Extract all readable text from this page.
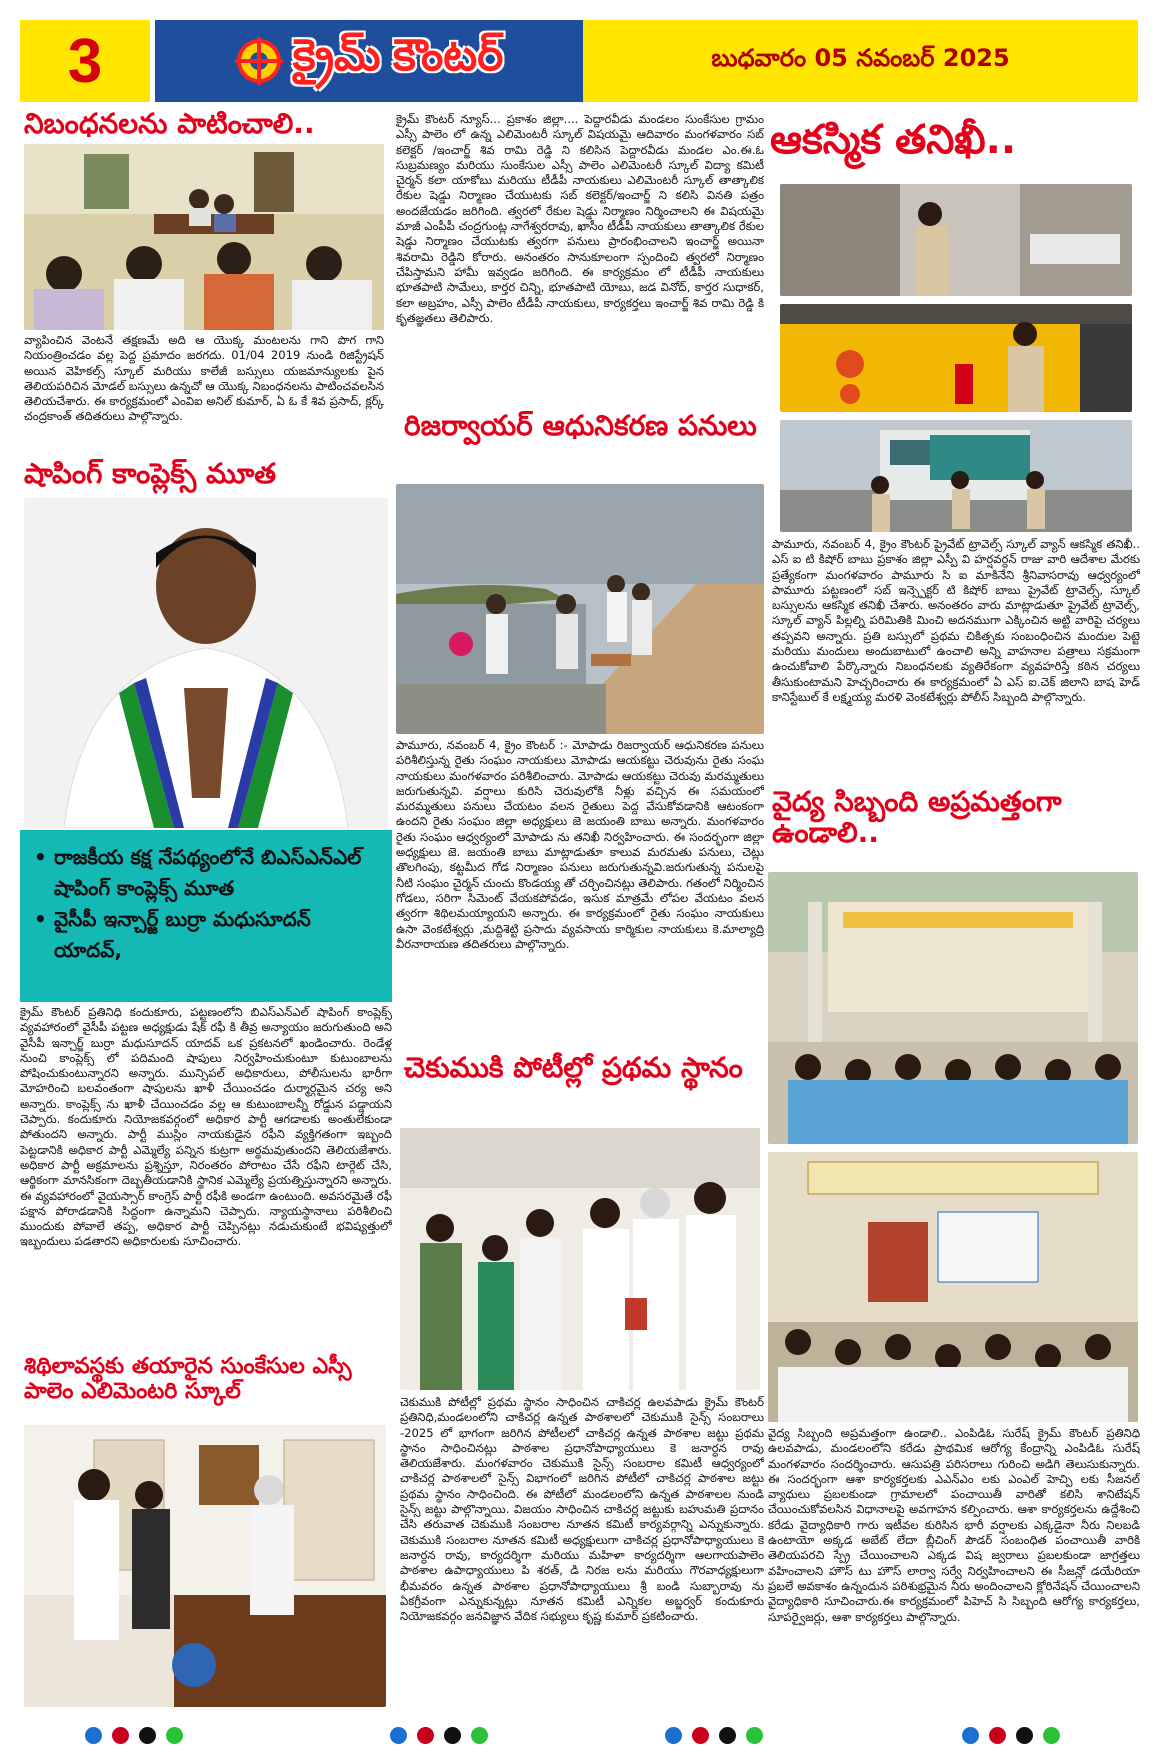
3	క్రైమ్ కౌంటర్	బుధవారం 05 నవంబర్ 2025
నిబంధనలను పాటించాలి..
వ్యాపించిన వెంటనే తక్షణమే అది ఆ యొక్క మంటలను గాని పొగ గాని నియంత్రించడం వల్ల పెద్ద ప్రమాదం జరగదు. 01/04 2019 నుండి రిజిస్ట్రేషన్ అయిన వెహికల్స్ స్కూల్ మరియు కాలేజీ బస్సులు యజమాన్యులకు పైన తెలియపరిచిన మోడల్ బస్సులు ఉన్నచో ఆ యొక్క నిబంధనలను పాటించవలసిన తెలియచేశారు. ఈ కార్యక్రమంలో ఎంవిఐ అనిల్ కుమార్, ఏ ఓ కే శివ ప్రసాద్, క్లర్క్ చంద్రకాంత్ తదితరులు పాల్గొన్నారు.
షాపింగ్ కాంప్లెక్స్ మూత
• రాజకీయ కక్ష నేపథ్యంలోనే బిఎస్ఎన్ఎల్ షాపింగ్ కాంప్లెక్స్ మూత
• వైసీపీ ఇన్చార్జ్ బుర్రా మధుసూదన్ యాదవ్,
క్రైమ్ కౌంటర్ ప్రతినిధి కందుకూరు, పట్టణంలోని బిఎస్ఎన్ఎల్ షాపింగ్ కాంప్లెక్స్ వ్యవహారంలో వైసీపీ పట్టణ అధ్యక్షుడు షేక్ రఫీ కి తీవ్ర అన్యాయం జరుగుతుంది అని వైసీపీ ఇన్చార్జ్ బుర్రా మధుసూదన్ యాదవ్ ఒక ప్రకటనలో ఖండించారు. రెండేళ్ల నుంచి కాంప్లెక్స్ లో పదిమంది షాపులు నిర్వహించుకుంటూ కుటుంబాలను పోషించుకుంటున్నారని అన్నారు. మున్సిపల్ అధికారులు, పోలీసులను భారీగా మోహరించి బలవంతంగా షాపులను ఖాళీ చేయించడం దుర్మార్గమైన చర్య అని అన్నారు. కాంప్లెక్స్ ను ఖాళీ చేయించడం వల్ల ఆ కుటుంబాలన్నీ రోడ్డున పడ్డాయని చెప్పారు. కందుకూరు నియోజకవర్గంలో అధికార పార్టీ ఆగడాలకు అంతులేకుండా పోతుందని అన్నారు. పార్టీ ముస్లిం నాయకుడైన రఫీని వ్యక్తిగతంగా ఇబ్బంది పెట్టడానికి అధికార పార్టీ ఎమ్మెల్యే పన్నిన కుట్రగా అర్థమవుతుందని తెలియజేశారు. అధికార పార్టీ అక్రమాలను ప్రశ్నిస్తూ, నిరంతరం పోరాటం చేసే రఫీని టార్గెట్ చేసి, ఆర్థికంగా మానసికంగా దెబ్బతీయడానికి స్థానిక ఎమ్మెల్యే ప్రయత్నిస్తున్నారని అన్నారు. ఈ వ్యవహారంలో వైయస్సార్ కాంగ్రెస్ పార్టీ రఫీకి అండగా ఉంటుంది. అవసరమైతే రఫీ పక్షాన పోరాడడానికి సిద్ధంగా ఉన్నామని చెప్పారు. న్యాయస్థానాలు పరిశీలించి ముందుకు పోవాలే తప్ప, అధికార పార్టీ చెప్పినట్లు నడుచుకుంటే భవిష్యత్తులో ఇబ్బందులు పడతారని అధికారులకు సూచించారు.
శిథిలావస్థకు తయారైన సుంకేసుల ఎస్సీ పాలెం ఎలిమెంటరి స్కూల్
క్రైమ్ కౌంటర్ న్యూస్... ప్రకాశం జిల్లా.... పెద్దారవీడు మండలం సుంకేసుల గ్రామం ఎస్సీ పాలెం లో ఉన్న ఎలిమెంటరీ స్కూల్ విషయమై ఆదివారం మంగళవారం సబ్ కలెక్టర్ /ఇంచార్జ్ శివ రామి రెడ్డి ని కలిసిన పెద్దారవీడు మండల ఎం.ఈ.ఓ సుబ్రమణ్యం మరియు సుంకేసుల ఎస్సీ పాలెం ఎలిమెంటరీ స్కూల్ విద్యా కమిటీ చైర్మన్ కలా యాకోబు మరియు టీడీపీ నాయకులు ఎలిమెంటరీ స్కూల్ తాత్కాలిక రేకుల షెడ్డు నిర్మాణం చేయుటకు సబ్ కలెక్టర్/ఇంచార్జ్ ని కలిసి వినతి పత్రం అందజేయడం జరిగింది. త్వరలో రేకుల షెడ్డు నిర్మాణం నిర్మించాలని ఈ విషయమై మాజీ ఎంపీపీ చంద్రగుంట్ల నాగేశ్వరరావు, ఖాసీం టీడీపీ నాయకులు తాత్కాలిక రేకుల షెడ్డు నిర్మాణం చేయుటకు త్వరగా పనులు ప్రారంభించాలని ఇంచార్జ్ అయినా శివరామి రెడ్డిని కోరారు. అనంతరం సానుకూలంగా స్పందించి త్వరలో నిర్మాణం చేపిస్తామని హామీ ఇవ్వడం జరిగింది. ఈ కార్యక్రమం లో టీడీపీ నాయకులు భూతపాటి సామేలు, కార్తర చిన్ని, భూతపాటి యోబు, జడ వినోద్, కార్తర సుధాకర్, కలా అబ్రహం, ఎస్సీ పాలెం టీడీపీ నాయకులు, కార్యకర్తలు ఇంచార్జ్ శివ రామి రెడ్డి కి కృతజ్ఞతలు తెలిపారు.
రిజర్వాయర్ ఆధునికరణ పనులు
పామూరు, నవంబర్ 4, క్రైం కౌంటర్ :- మోపాడు రిజర్వాయర్ ఆధునికరణ పనులు పరిశీలిస్తున్న రైతు సంఘం నాయకులు మోపాడు ఆయకట్టు చెరువును రైతు సంఘ నాయకులు మంగళవారం పరిశీలించారు. మోపాడు ఆయకట్టు చెరువు మరమ్మతులు జరుగుతున్నవి. వర్షాలు కురిసి చెరువులోకి నీళ్లు వచ్చిన ఈ సమయంలో మరమ్మతులు పనులు చేయటం వలన రైతులు పెద్ద వేసుకోవడానికి ఆటంకంగా ఉందని రైతు సంఘం జిల్లా అధ్యక్షులు జె జయంతి బాబు అన్నారు. మంగళవారం రైతు సంఘం ఆధ్వర్యంలో మోపాడు ను తనిఖీ నిర్వహించారు. ఈ సందర్భంగా జిల్లా అధ్యక్షులు జె. జయంతి బాబు మాట్లాడుతూ కాలువ మరమతు పనులు, చెట్లు తొలగింపు, కట్టమీద గోడ నిర్మాణం పనులు జరుగుతున్నవి.జరుగుతున్న పనులపై నీటి సంఘం చైర్మన్ చుంచు కొండయ్య తో చర్చించినట్లు తెలిపారు. గతంలో నిర్మించిన గోడలు, సరిగా సిమెంట్ వేయకపోవడం, ఇసుక మాత్రమే లోపల వేయటం వలన త్వరగా శిథిలమయ్యాయని అన్నారు. ఈ కార్యక్రమంలో రైతు సంఘం నాయకులు ఉసా వెంకటేశ్వర్లు ,మద్దిశెట్టి ప్రసాదు వ్యవసాయ కార్మికుల నాయకులు కె.మాల్యాద్రి వీరనారాయణ తదితరులు పాల్గొన్నారు.
చెకుముకి పోటీల్లో ప్రథమ స్థానం
చెకుముకి పోటీల్లో ప్రథమ స్థానం సాధించిన చాకిచర్ల ఉలవపాడు క్రైమ్ కౌంటర్ ప్రతినిధి,మండలంలోని చాకిచర్ల ఉన్నత పాఠశాలలో చెకుముకి సైన్స్ సంబరాలు -2025 లో భాగంగా జరిగిన పోటీలలో చాకిచర్ల ఉన్నత పాఠశాల జట్టు ప్రథమ స్థానం సాధించినట్లు పాఠశాల ప్రధానోపాధ్యాయులు కె జనార్ధన రావు తెలియజేశారు. మంగళవారం చెకుముకి సైన్స్ సంబరాల కమిటీ ఆధ్వర్యంలో చాకిచర్ల పాఠశాలలో సైన్స్ విభాగంలో జరిగిన పోటీలో చాకిచర్ల పాఠశాల జట్టు ప్రథమ స్థానం సాధించింది. ఈ పోటీలో మండలంలోని ఉన్నత పాఠశాలల నుండి సైన్స్ జట్టు పాల్గొన్నాయి. విజయం సాధించిన చాకిచర్ల జట్టుకు బహుమతి ప్రదానం చేసి తరువాత చెకుముకి సంబరాల నూతన కమిటీ కార్యవర్గాన్ని ఎన్నుకున్నారు. చెకుముకి సంబరాల నూతన కమిటీ అధ్యక్షులుగా చాకిచర్ల ప్రధానోపాధ్యాయులు కె జనార్ధన రావు, కార్యదర్శిగా మరియు మహిళా కార్యదర్శిగా ఆలగాయపాలెం పాఠశాల ఉపాధ్యాయులు పి శరత్, డి నిరజ లను మరియు గౌరవాధ్యక్షులుగా భీమవరం ఉన్నత పాఠశాల ప్రధానోపాధ్యాయులు శ్రీ బండి సుబ్బారావు ను ఏకగ్రీవంగా ఎన్నుకున్నట్లు నూతన కమిటీ ఎన్నికల అబ్జర్వర్ కందుకూరు నియోజకవర్గం జనవిజ్ఞాన వేదిక సభ్యులు కృష్ణ కుమార్ ప్రకటించారు.
ఆకస్మిక తనిఖీ..
పామూరు, నవంబర్ 4, క్రైం కౌంటర్ ప్రైవేట్ ట్రావెల్స్ స్కూల్ వ్యాన్ ఆకస్మిక తనిఖీ.. ఎస్ ఐ టి కిషోర్ బాబు ప్రకాశం జిల్లా ఎస్పీ వి హర్షవర్ధన్ రాజు వారి ఆదేశాల మేరకు ప్రత్యేకంగా మంగళవారం పామూరు సి ఐ మాకినేని శ్రీనివాసరావు ఆధ్వర్యంలో పామూరు పట్టణంలో సబ్ ఇన్స్పెక్టర్ టి కిషోర్ బాబు ప్రైవేట్ ట్రావెల్స్, స్కూల్ బస్సులను ఆకస్మిక తనిఖీ చేశారు. అనంతరం వారు మాట్లాడుతూ ప్రైవేట్ ట్రావెల్స్, స్కూల్ వ్యాన్ పిల్లల్ని పరిమితికి మించి అదనముగా ఎక్కించిన అట్టి వారిపై చర్యలు తప్పవని అన్నారు. ప్రతి బస్సులో ప్రథమ చికిత్సకు సంబంధించిన మందుల పెట్టె మరియు మందులు అందుబాటులో ఉంచాలి అన్ని వాహనాల పత్రాలు సక్రమంగా ఉంచుకోవాలి పేర్కొన్నారు నిబంధనలకు వ్యతిరేకంగా వ్యవహరిస్తే కఠిన చర్యలు తీసుకుంటామని హెచ్చరించారు ఈ కార్యక్రమంలో ఏ ఎస్ ఐ.చెక్ జిలాని బాష హెడ్ కానిస్టేబుల్ కే లక్ష్మయ్య మరళి వెంకటేశ్వర్లు పోలీస్ సిబ్బంది పాల్గొన్నారు.
వైద్య సిబ్బంది అప్రమత్తంగా ఉండాలి..
వైద్య సిబ్బంది అప్రమత్తంగా ఉండాలి.. ఎంపిడిఓ సురేష్ క్రైమ్ కౌంటర్ ప్రతినిధి ఉలవపాడు, మండలంలోని కరేడు ప్రాథమిక ఆరోగ్య కేంద్రాన్ని ఎంపిడిఓ సురేష్ మంగళవారం సందర్శించారు. ఆసుపత్రి పరిసరాలు గురించి అడిగి తెలుసుకున్నారు. ఈ సందర్భంగా ఆశా కార్యకర్తలకు ఎఎన్ఎం లకు ఎంఎల్ హెచ్పి లకు సీజనల్ వ్యాధులు ప్రబలకుండా గ్రామాలలో పంచాయితీ వారితో కలిసి శానిటేషన్ చేయించుకోవలసిన విధానాలపై అవగాహన కల్పించారు. ఆశా కార్యకర్తలను ఉద్దేశించి కరేడు వైద్యాధికారి గారు ఇటీవల కురిసిన భారీ వర్షాలకు ఎక్కడైనా నీరు నిలబడి ఉంటాయో అక్కడ అబేట్ లేదా బ్లీచింగ్ పౌడర్ సంబంధిత పంచాయితీ వారికి తెలియపరచి స్ప్రే చేయించాలని ఎక్కడ విష జ్వరాలు ప్రబలకుండా జాగ్రత్తలు వహించాలని హౌస్ టు హౌస్ లార్వా సర్వే నిర్వహించాలని ఈ సీజన్లో డయేరియా ప్రబలే అవకాశం ఉన్నందున పరిశుభ్రమైన నీరు అందించాలని క్లోరినేషన్ చేయించాలని వైద్యాధికారి సూచించారు.ఈ కార్యక్రమంలో పిహెచ్ సి సిబ్బంది ఆరోగ్య కార్యకర్తలు, సూపర్వైజర్లు, ఆశా కార్యకర్తలు పాల్గొన్నారు.
